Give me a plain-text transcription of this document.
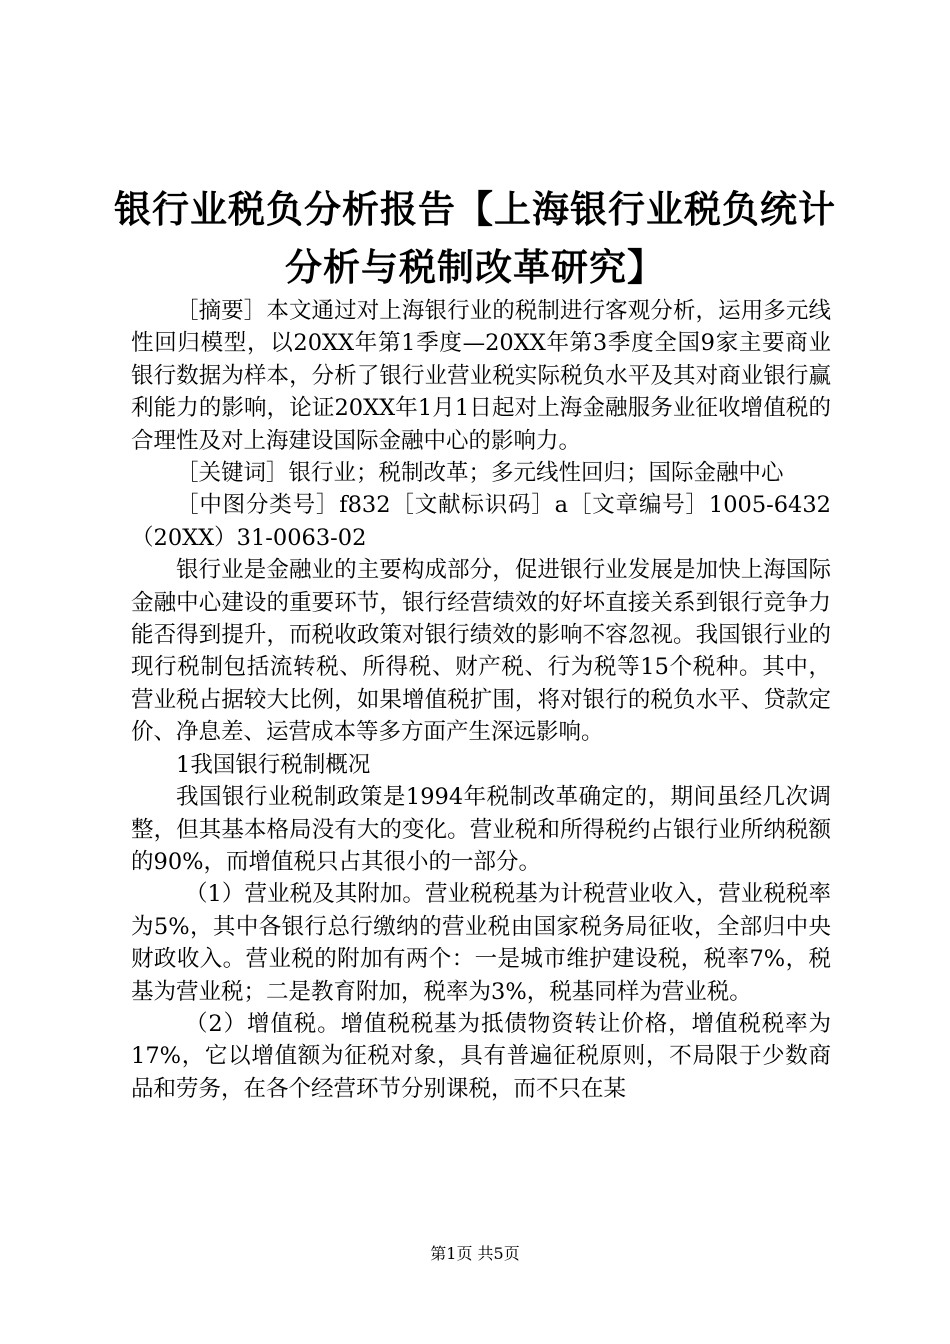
银行业税负分析报告【上海银行业税负统计分析与税制改革研究】

［摘要］本文通过对上海银行业的税制进行客观分析，运用多元线性回归模型，以20XX年第1季度—20XX年第3季度全国9家主要商业银行数据为样本，分析了银行业营业税实际税负水平及其对商业银行赢利能力的影响，论证20XX年1月1日起对上海金融服务业征收增值税的合理性及对上海建设国际金融中心的影响力。

［关键词］银行业；税制改革；多元线性回归；国际金融中心

［中图分类号］f832［文献标识码］a［文章编号］1005-6432（20XX）31-0063-02

银行业是金融业的主要构成部分，促进银行业发展是加快上海国际金融中心建设的重要环节，银行经营绩效的好坏直接关系到银行竞争力能否得到提升，而税收政策对银行绩效的影响不容忽视。我国银行业的现行税制包括流转税、所得税、财产税、行为税等15个税种。其中，营业税占据较大比例，如果增值税扩围，将对银行的税负水平、贷款定价、净息差、运营成本等多方面产生深远影响。

1我国银行税制概况

我国银行业税制政策是1994年税制改革确定的，期间虽经几次调整，但其基本格局没有大的变化。营业税和所得税约占银行业所纳税额的90%，而增值税只占其很小的一部分。

（1）营业税及其附加。营业税税基为计税营业收入，营业税税率为5%，其中各银行总行缴纳的营业税由国家税务局征收，全部归中央财政收入。营业税的附加有两个：一是城市维护建设税，税率7%，税基为营业税；二是教育附加，税率为3%，税基同样为营业税。

（2）增值税。增值税税基为抵债物资转让价格，增值税税率为17%，它以增值额为征税对象，具有普遍征税原则，不局限于少数商品和劳务，在各个经营环节分别课税，而不只在某

第1页 共5页
